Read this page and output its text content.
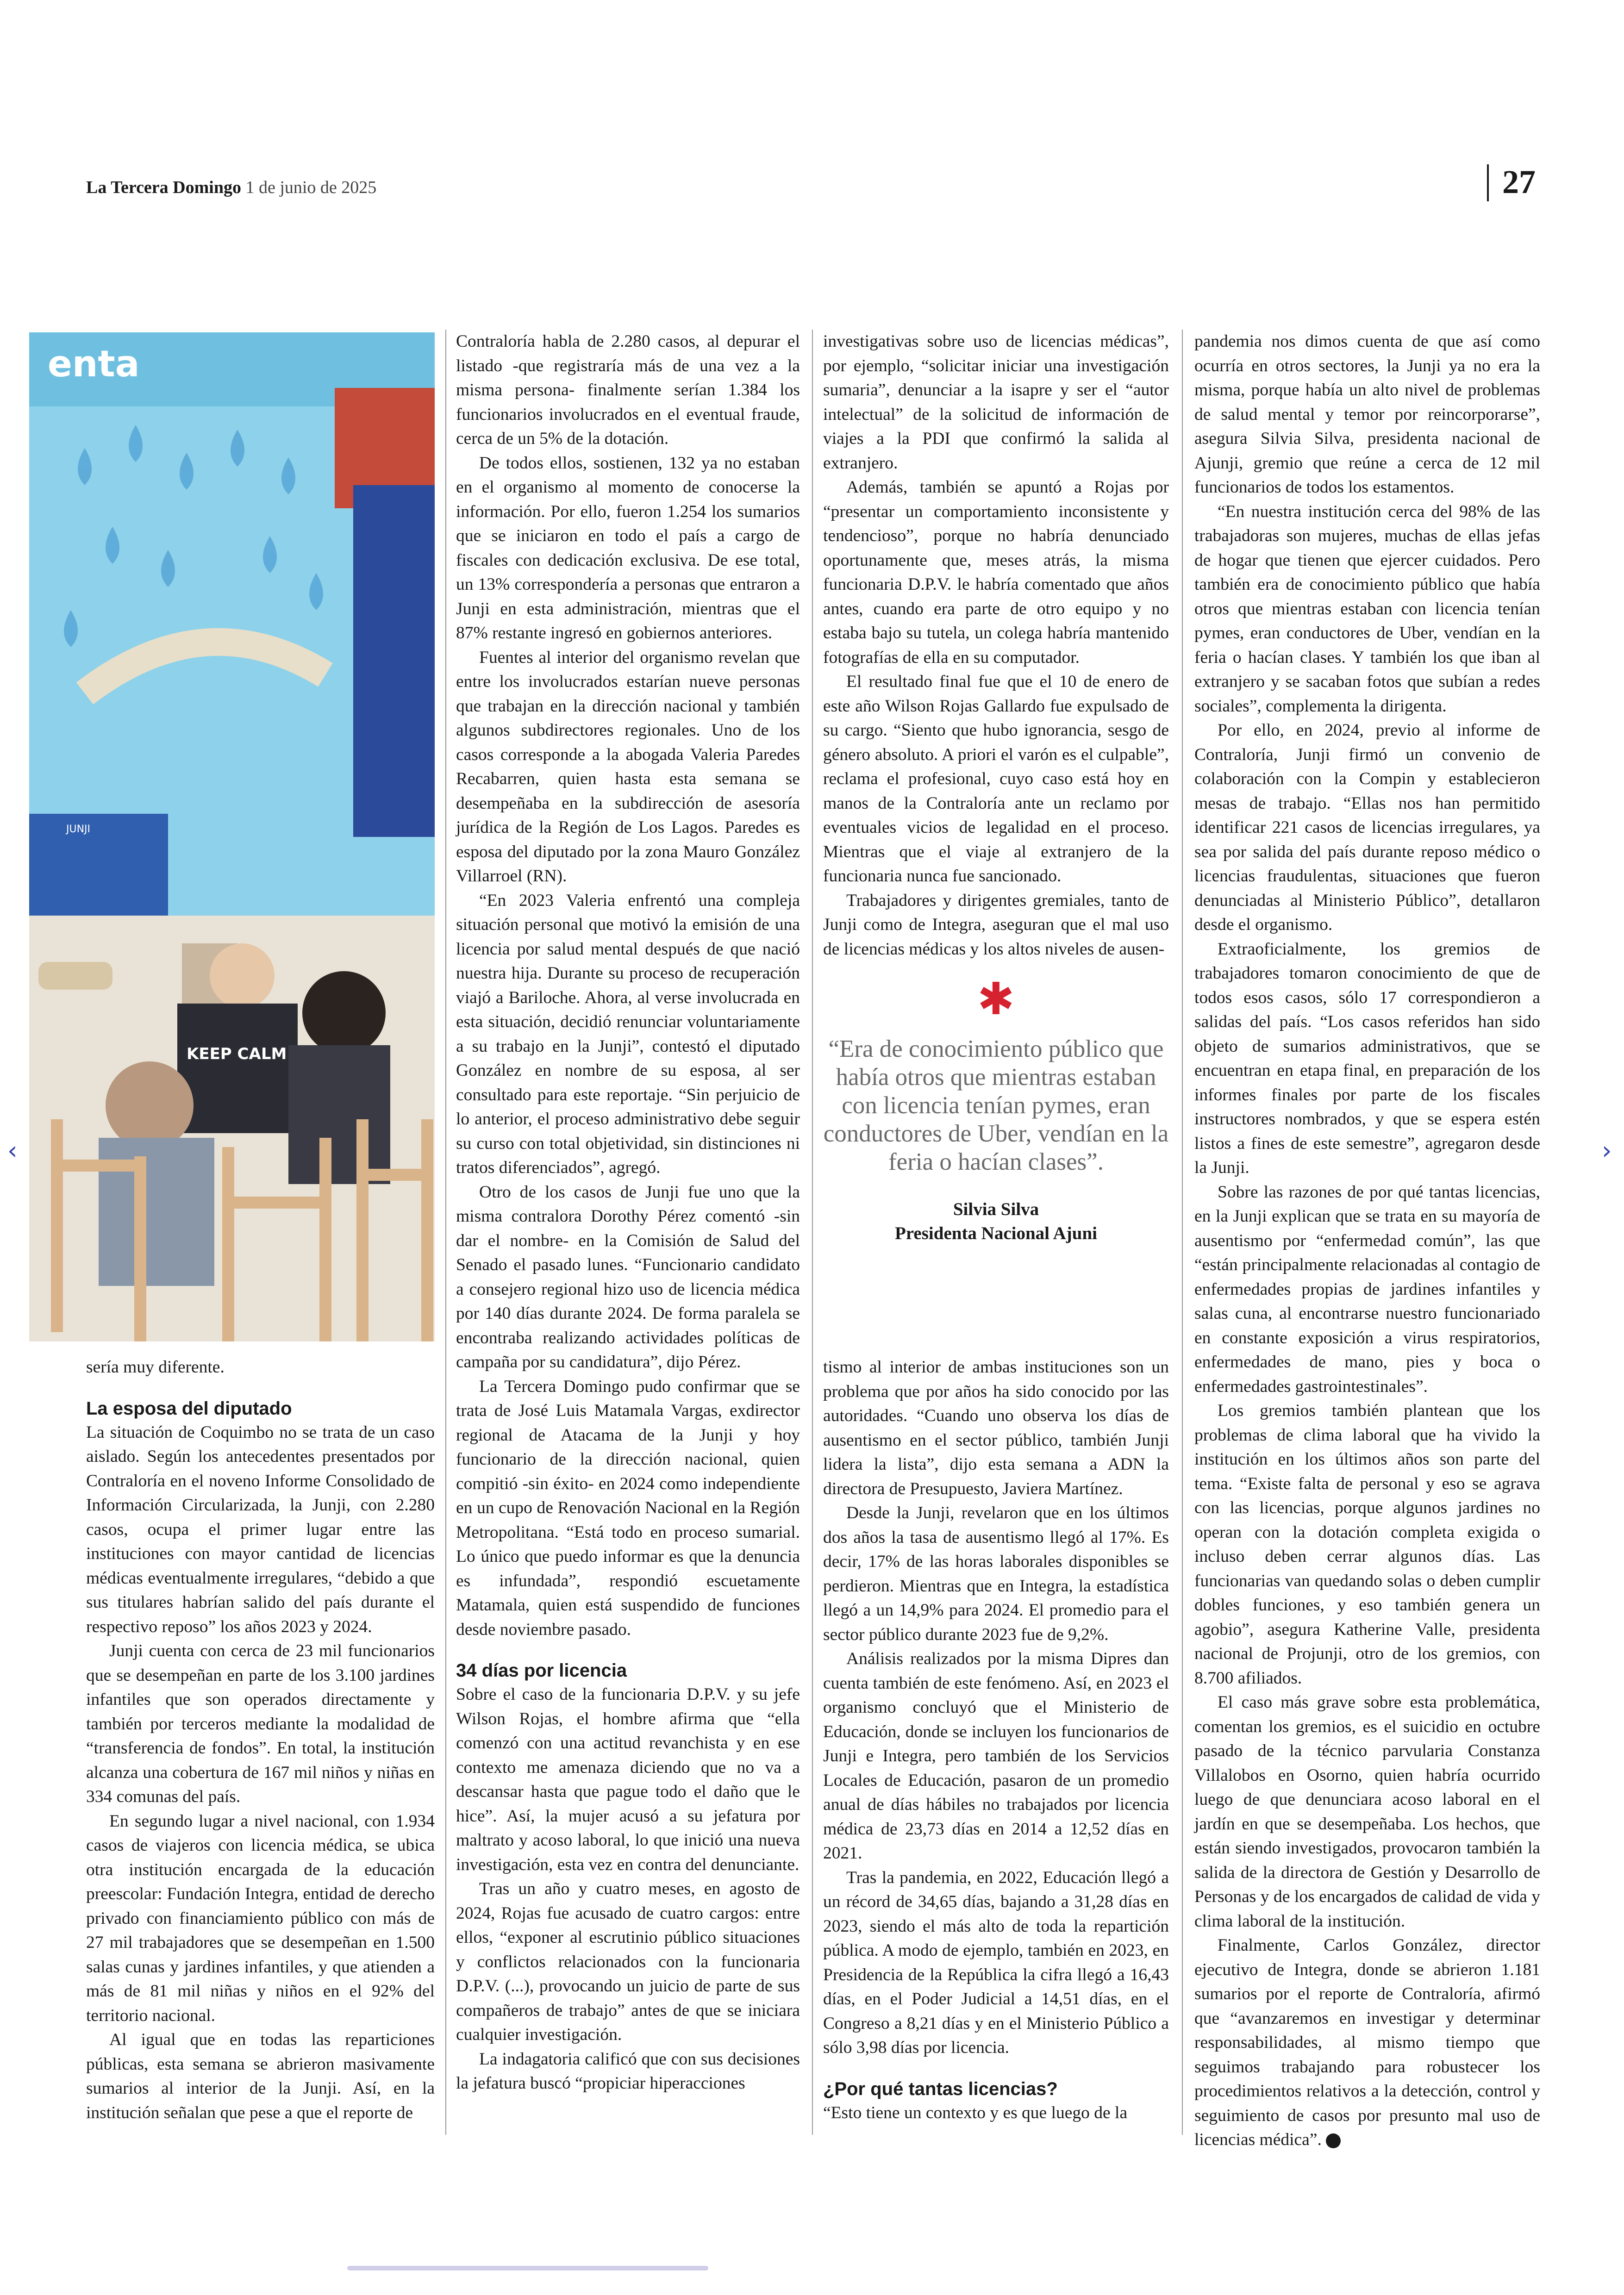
La Tercera Domingo 1 de junio de 2025	27
enta
JUNJI
KEEP CALM

sería muy diferente.

La esposa del diputado

La situación de Coquimbo no se trata de un caso aislado. Según los antecedentes presentados por Contraloría en el noveno Informe Consolidado de Información Circularizada, la Junji, con 2.280 casos, ocupa el primer lugar entre las instituciones con mayor cantidad de licencias médicas eventualmente irregulares, “debido a que sus titulares habrían salido del país durante el respectivo reposo” los años 2023 y 2024.

Junji cuenta con cerca de 23 mil funcionarios que se desempeñan en parte de los 3.100 jardines infantiles que son operados directamente y también por terceros mediante la modalidad de “transferencia de fondos”. En total, la institución alcanza una cobertura de 167 mil niños y niñas en 334 comunas del país.

En segundo lugar a nivel nacional, con 1.934 casos de viajeros con licencia médica, se ubica otra institución encargada de la educación preescolar: Fundación Integra, entidad de derecho privado con financiamiento público con más de 27 mil trabajadores que se desempeñan en 1.500 salas cunas y jardines infantiles, y que atienden a más de 81 mil niñas y niños en el 92% del territorio nacional.

Al igual que en todas las reparticiones públicas, esta semana se abrieron masivamente sumarios al interior de la Junji. Así, en la institución señalan que pese a que el reporte de

Contraloría habla de 2.280 casos, al depurar el listado -que registraría más de una vez a la misma persona- finalmente serían 1.384 los funcionarios involucrados en el eventual fraude, cerca de un 5% de la dotación.

De todos ellos, sostienen, 132 ya no estaban en el organismo al momento de conocerse la información. Por ello, fueron 1.254 los sumarios que se iniciaron en todo el país a cargo de fiscales con dedicación exclusiva. De ese total, un 13% correspondería a personas que entraron a Junji en esta administración, mientras que el 87% restante ingresó en gobiernos anteriores.

Fuentes al interior del organismo revelan que entre los involucrados estarían nueve personas que trabajan en la dirección nacional y también algunos subdirectores regionales. Uno de los casos corresponde a la abogada Valeria Paredes Recabarren, quien hasta esta semana se desempeñaba en la subdirección de asesoría jurídica de la Región de Los Lagos. Paredes es esposa del diputado por la zona Mauro González Villarroel (RN).

“En 2023 Valeria enfrentó una compleja situación personal que motivó la emisión de una licencia por salud mental después de que nació nuestra hija. Durante su proceso de recuperación viajó a Bariloche. Ahora, al verse involucrada en esta situación, decidió renunciar voluntariamente a su trabajo en la Junji”, contestó el diputado González en nombre de su esposa, al ser consultado para este reportaje. “Sin perjuicio de lo anterior, el proceso administrativo debe seguir su curso con total objetividad, sin distinciones ni tratos diferenciados”, agregó.

Otro de los casos de Junji fue uno que la misma contralora Dorothy Pérez comentó -sin dar el nombre- en la Comisión de Salud del Senado el pasado lunes. “Funcionario candidato a consejero regional hizo uso de licencia médica por 140 días durante 2024. De forma paralela se encontraba realizando actividades políticas de campaña por su candidatura”, dijo Pérez.

La Tercera Domingo pudo confirmar que se trata de José Luis Matamala Vargas, exdirector regional de Atacama de la Junji y hoy funcionario de la dirección nacional, quien compitió -sin éxito- en 2024 como independiente en un cupo de Renovación Nacional en la Región Metropolitana. “Está todo en proceso sumarial. Lo único que puedo informar es que la denuncia es infundada”, respondió escuetamente Matamala, quien está suspendido de funciones desde noviembre pasado.

34 días por licencia

Sobre el caso de la funcionaria D.P.V. y su jefe Wilson Rojas, el hombre afirma que “ella comenzó con una actitud revanchista y en ese contexto me amenaza diciendo que no va a descansar hasta que pague todo el daño que le hice”. Así, la mujer acusó a su jefatura por maltrato y acoso laboral, lo que inició una nueva investigación, esta vez en contra del denunciante.

Tras un año y cuatro meses, en agosto de 2024, Rojas fue acusado de cuatro cargos: entre ellos, “exponer al escrutinio público situaciones y conflictos relacionados con la funcionaria D.P.V. (...), provocando un juicio de parte de sus compañeros de trabajo” antes de que se iniciara cualquier investigación.

La indagatoria calificó que con sus decisiones la jefatura buscó “propiciar hiperacciones

investigativas sobre uso de licencias médicas”, por ejemplo, “solicitar iniciar una investigación sumaria”, denunciar a la isapre y ser el “autor intelectual” de la solicitud de información de viajes a la PDI que confirmó la salida al extranjero.

Además, también se apuntó a Rojas por “presentar un comportamiento inconsistente y tendencioso”, porque no habría denunciado oportunamente que, meses atrás, la misma funcionaria D.P.V. le habría comentado que años antes, cuando era parte de otro equipo y no estaba bajo su tutela, un colega habría mantenido fotografías de ella en su computador.

El resultado final fue que el 10 de enero de este año Wilson Rojas Gallardo fue expulsado de su cargo. “Siento que hubo ignorancia, sesgo de género absoluto. A priori el varón es el culpable”, reclama el profesional, cuyo caso está hoy en manos de la Contraloría ante un reclamo por eventuales vicios de legalidad en el proceso. Mientras que el viaje al extranjero de la funcionaria nunca fue sancionado.

Trabajadores y dirigentes gremiales, tanto de Junji como de Integra, aseguran que el mal uso de licencias médicas y los altos niveles de ausen-

✱
“Era de conocimiento público que había otros que mientras estaban con licencia tenían pymes, eran conductores de Uber, vendían en la feria o hacían clases”.
Silvia Silva
Presidenta Nacional Ajuni

tismo al interior de ambas instituciones son un problema que por años ha sido conocido por las autoridades. “Cuando uno observa los días de ausentismo en el sector público, también Junji lidera la lista”, dijo esta semana a ADN la directora de Presupuesto, Javiera Martínez.

Desde la Junji, revelaron que en los últimos dos años la tasa de ausentismo llegó al 17%. Es decir, 17% de las horas laborales disponibles se perdieron. Mientras que en Integra, la estadística llegó a un 14,9% para 2024. El promedio para el sector público durante 2023 fue de 9,2%.

Análisis realizados por la misma Dipres dan cuenta también de este fenómeno. Así, en 2023 el organismo concluyó que el Ministerio de Educación, donde se incluyen los funcionarios de Junji e Integra, pero también de los Servicios Locales de Educación, pasaron de un promedio anual de días hábiles no trabajados por licencia médica de 23,73 días en 2014 a 12,52 días en 2021.

Tras la pandemia, en 2022, Educación llegó a un récord de 34,65 días, bajando a 31,28 días en 2023, siendo el más alto de toda la repartición pública. A modo de ejemplo, también en 2023, en Presidencia de la República la cifra llegó a 16,43 días, en el Poder Judicial a 14,51 días, en el Congreso a 8,21 días y en el Ministerio Público a sólo 3,98 días por licencia.

¿Por qué tantas licencias?

“Esto tiene un contexto y es que luego de la

pandemia nos dimos cuenta de que así como ocurría en otros sectores, la Junji ya no era la misma, porque había un alto nivel de problemas de salud mental y temor por reincorporarse”, asegura Silvia Silva, presidenta nacional de Ajunji, gremio que reúne a cerca de 12 mil funcionarios de todos los estamentos.

“En nuestra institución cerca del 98% de las trabajadoras son mujeres, muchas de ellas jefas de hogar que tienen que ejercer cuidados. Pero también era de conocimiento público que había otros que mientras estaban con licencia tenían pymes, eran conductores de Uber, vendían en la feria o hacían clases. Y también los que iban al extranjero y se sacaban fotos que subían a redes sociales”, complementa la dirigenta.

Por ello, en 2024, previo al informe de Contraloría, Junji firmó un convenio de colaboración con la Compin y establecieron mesas de trabajo. “Ellas nos han permitido identificar 221 casos de licencias irregulares, ya sea por salida del país durante reposo médico o licencias fraudulentas, situaciones que fueron denunciadas al Ministerio Público”, detallaron desde el organismo.

Extraoficialmente, los gremios de trabajadores tomaron conocimiento de que de todos esos casos, sólo 17 correspondieron a salidas del país. “Los casos referidos han sido objeto de sumarios administrativos, que se encuentran en etapa final, en preparación de los informes finales por parte de los fiscales instructores nombrados, y que se espera estén listos a fines de este semestre”, agregaron desde la Junji.

Sobre las razones de por qué tantas licencias, en la Junji explican que se trata en su mayoría de ausentismo por “enfermedad común”, las que “están principalmente relacionadas al contagio de enfermedades propias de jardines infantiles y salas cuna, al encontrarse nuestro funcionariado en constante exposición a virus respiratorios, enfermedades de mano, pies y boca o enfermedades gastrointestinales”.

Los gremios también plantean que los problemas de clima laboral que ha vivido la institución en los últimos años son parte del tema. “Existe falta de personal y eso se agrava con las licencias, porque algunos jardines no operan con la dotación completa exigida o incluso deben cerrar algunos días. Las funcionarias van quedando solas o deben cumplir dobles funciones, y eso también genera un agobio”, asegura Katherine Valle, presidenta nacional de Projunji, otro de los gremios, con 8.700 afiliados.

El caso más grave sobre esta problemática, comentan los gremios, es el suicidio en octubre pasado de la técnico parvularia Constanza Villalobos en Osorno, quien habría ocurrido luego de que denunciara acoso laboral en el jardín en que se desempeñaba. Los hechos, que están siendo investigados, provocaron también la salida de la directora de Gestión y Desarrollo de Personas y de los encargados de calidad de vida y clima laboral de la institución.

Finalmente, Carlos González, director ejecutivo de Integra, donde se abrieron 1.181 sumarios por el reporte de Contraloría, afirmó que “avanzaremos en investigar y determinar responsabilidades, al mismo tiempo que seguimos trabajando para robustecer los procedimientos relativos a la detección, control y seguimiento de casos por presunto mal uso de licencias médica”.	◘

‹	›
